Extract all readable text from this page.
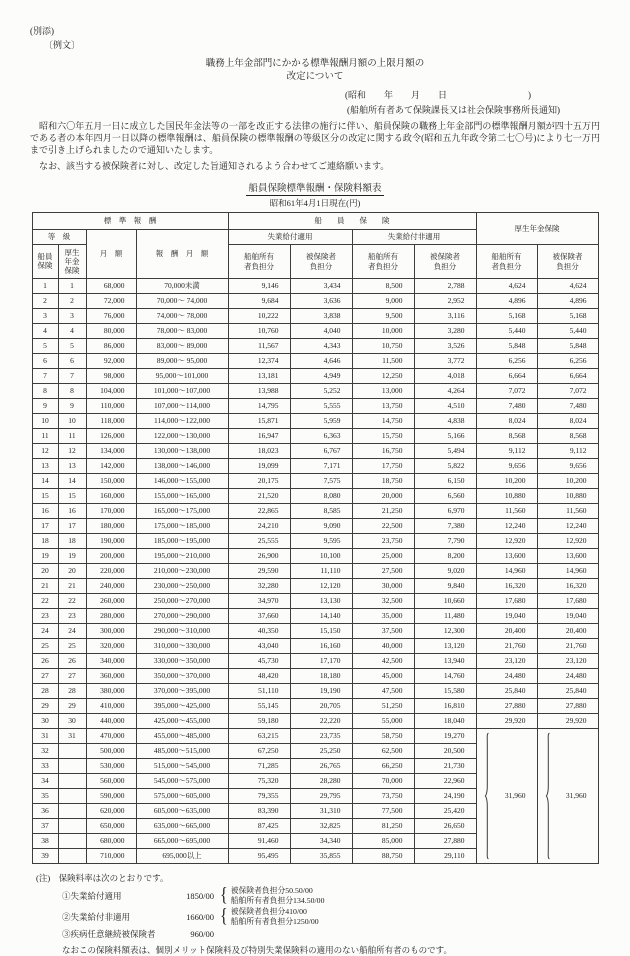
(別添)
〔例文〕
職務上年金部門にかかる標準報酬月額の上限月額の
改定について
(昭和　　年　　月　　日　　　　　　　　　)
(船舶所有者あて保険課長又は社会保険事務所長通知)

　昭和六〇年五月一日に成立した国民年金法等の一部を改正する法律の施行に伴い、船員保険の職務上年金部門の標準報酬月額が四十五万円である者の本年四月一日以降の標準報酬は、船員保険の標準報酬の等級区分の改定に関する政令(昭和五九年政令第二七〇号)により七一万円まで引き上げられましたので通知いたします。

　なお、該当する被保険者に対し、改定した旨通知されるよう合わせてご連絡願います。

船員保険標準報酬・保険料額表
昭和61年4月1日現在(円)
標　準　報　酬				船　　員　　保　　険				厚生年金保険	
等　級		月　額	報　酬　月　額	失業給付適用		失業給付非適用			
船員保険	厚生年金保険			船舶所有者負担分	被保険者負担分	船舶所有者負担分	被保険者負担分	船舶所有者負担分	被保険者負担分
1	1	68,000	70,000未満	9,146	3,434	8,500	2,788	4,624	4,624
2	2	72,000	70,000～ 74,000	9,684	3,636	9,000	2,952	4,896	4,896
3	3	76,000	74,000～ 78,000	10,222	3,838	9,500	3,116	5,168	5,168
4	4	80,000	78,000～ 83,000	10,760	4,040	10,000	3,280	5,440	5,440
5	5	86,000	83,000～ 89,000	11,567	4,343	10,750	3,526	5,848	5,848
6	6	92,000	89,000～ 95,000	12,374	4,646	11,500	3,772	6,256	6,256
7	7	98,000	95,000～101,000	13,181	4,949	12,250	4,018	6,664	6,664
8	8	104,000	101,000～107,000	13,988	5,252	13,000	4,264	7,072	7,072
9	9	110,000	107,000～114,000	14,795	5,555	13,750	4,510	7,480	7,480
10	10	118,000	114,000～122,000	15,871	5,959	14,750	4,838	8,024	8,024
11	11	126,000	122,000～130,000	16,947	6,363	15,750	5,166	8,568	8,568
12	12	134,000	130,000～138,000	18,023	6,767	16,750	5,494	9,112	9,112
13	13	142,000	138,000～146,000	19,099	7,171	17,750	5,822	9,656	9,656
14	14	150,000	146,000～155,000	20,175	7,575	18,750	6,150	10,200	10,200
15	15	160,000	155,000～165,000	21,520	8,080	20,000	6,560	10,880	10,880
16	16	170,000	165,000～175,000	22,865	8,585	21,250	6,970	11,560	11,560
17	17	180,000	175,000～185,000	24,210	9,090	22,500	7,380	12,240	12,240
18	18	190,000	185,000～195,000	25,555	9,595	23,750	7,790	12,920	12,920
19	19	200,000	195,000～210,000	26,900	10,100	25,000	8,200	13,600	13,600
20	20	220,000	210,000～230,000	29,590	11,110	27,500	9,020	14,960	14,960
21	21	240,000	230,000～250,000	32,280	12,120	30,000	9,840	16,320	16,320
22	22	260,000	250,000～270,000	34,970	13,130	32,500	10,660	17,680	17,680
23	23	280,000	270,000～290,000	37,660	14,140	35,000	11,480	19,040	19,040
24	24	300,000	290,000～310,000	40,350	15,150	37,500	12,300	20,400	20,400
25	25	320,000	310,000～330,000	43,040	16,160	40,000	13,120	21,760	21,760
26	26	340,000	330,000～350,000	45,730	17,170	42,500	13,940	23,120	23,120
27	27	360,000	350,000～370,000	48,420	18,180	45,000	14,760	24,480	24,480
28	28	380,000	370,000～395,000	51,110	19,190	47,500	15,580	25,840	25,840
29	29	410,000	395,000～425,000	55,145	20,705	51,250	16,810	27,880	27,880
30	30	440,000	425,000～455,000	59,180	22,220	55,000	18,040	29,920	29,920
31	31	470,000	455,000～485,000	63,215	23,735	58,750	19,270	31,960	31,960
32		500,000	485,000～515,000	67,250	25,250	62,500	20,500		
33		530,000	515,000～545,000	71,285	26,765	66,250	21,730		
34		560,000	545,000～575,000	75,320	28,280	70,000	22,960		
35		590,000	575,000～605,000	79,355	29,795	73,750	24,190		
36		620,000	605,000～635,000	83,390	31,310	77,500	25,420		
37		650,000	635,000～665,000	87,425	32,825	81,250	26,650		
38		680,000	665,000～695,000	91,460	34,340	85,000	27,880		
39		710,000	695,000以上	95,495	35,855	88,750	29,110		
(注)　保険料率は次のとおりです。
①失業給付適用	1850/00 { 被保険者負担分50.50/00
船舶所有者負担分134.50/00
②失業給付非適用	1660/00 { 被保険者負担分410/00
船舶所有者負担分1250/00
③疾病任意継続被保険者	960/00
なおこの保険料額表は、個別メリット保険料及び特別失業保険料の適用のない船舶所有者のものです。
